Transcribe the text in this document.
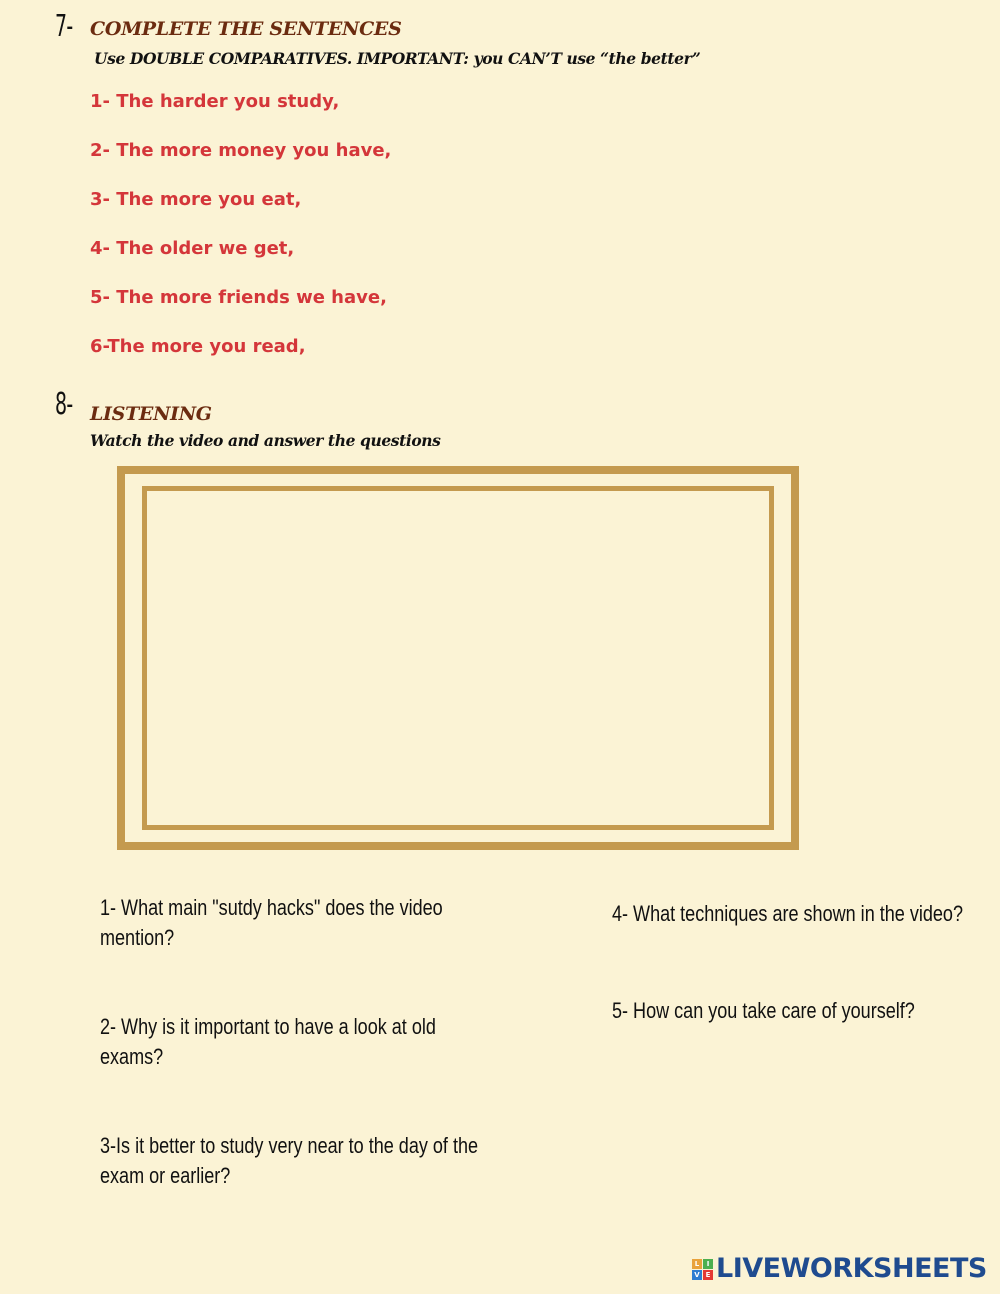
7- COMPLETE THE SENTENCES
Use DOUBLE COMPARATIVES. IMPORTANT: you CAN’T use “the better”
1- The harder you study,
2- The more money you have,
3- The more you eat,
4- The older we get,
5- The more friends we have,
6-The more you read,
8- LISTENING
Watch the video and answer the questions
1- What main "sutdy hacks" does the video mention?
2- Why is it important to have a look at old exams?
3-Is it better to study very near to the day of the exam or earlier?
4- What techniques are shown in the video?
5- How can you take care of yourself?
L	I
V E LIVEWORKSHEETS
